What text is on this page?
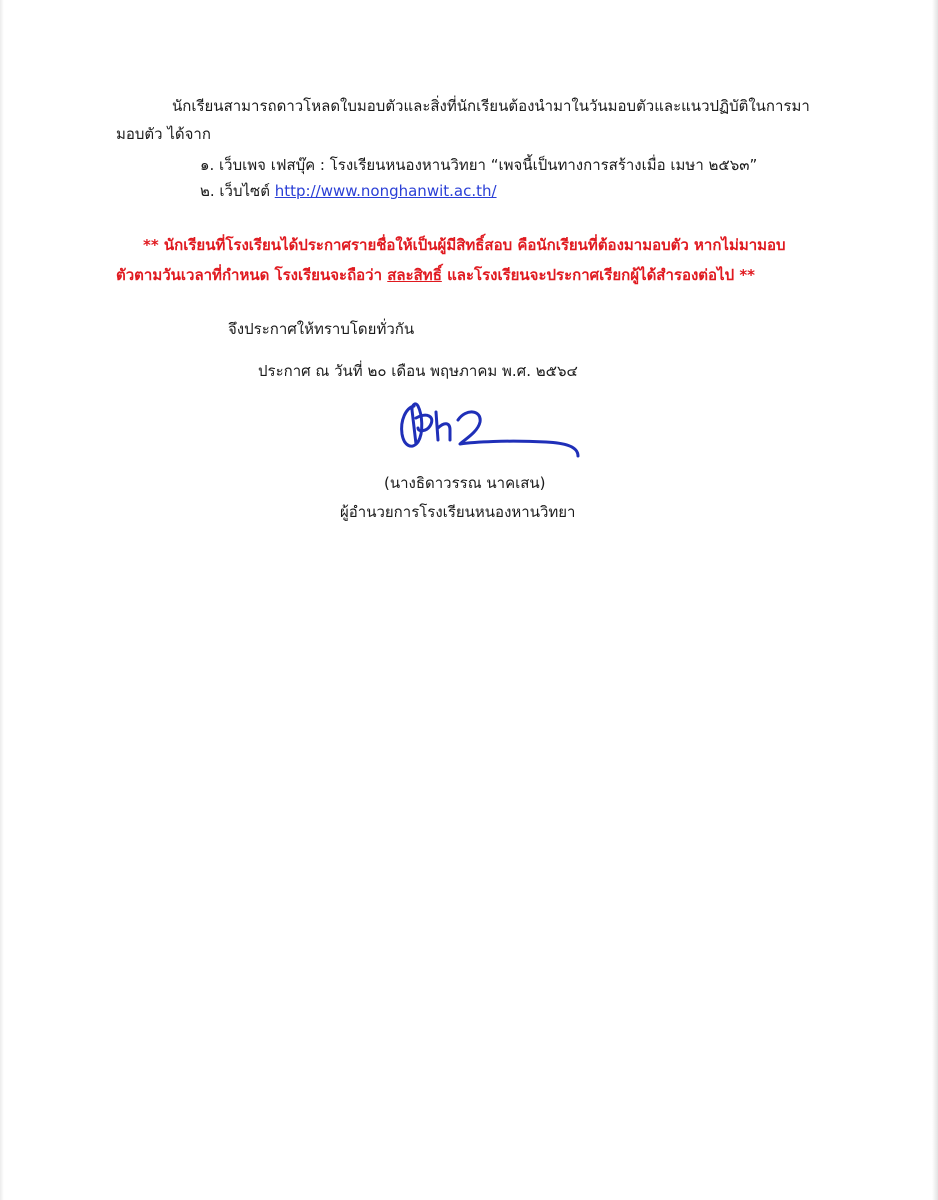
นักเรียนสามารถดาวโหลดใบมอบตัวและสิ่งที่นักเรียนต้องนำมาในวันมอบตัวและแนวปฏิบัติในการมา
มอบตัว ได้จาก
๑. เว็บเพจ เฟสบุ๊ค : โรงเรียนหนองหานวิทยา “เพจนี้เป็นทางการสร้างเมื่อ เมษา ๒๕๖๓”
๒. เว็บไซต์ http://www.nonghanwit.ac.th/
** นักเรียนที่โรงเรียนได้ประกาศรายชื่อให้เป็นผู้มีสิทธิ์สอบ คือนักเรียนที่ต้องมามอบตัว หากไม่มามอบ
ตัวตามวันเวลาที่กำหนด โรงเรียนจะถือว่า สละสิทธิ์ และโรงเรียนจะประกาศเรียกผู้ได้สำรองต่อไป **
จึงประกาศให้ทราบโดยทั่วกัน
ประกาศ ณ วันที่ ๒๐ เดือน พฤษภาคม พ.ศ. ๒๕๖๔
(นางธิดาวรรณ นาคเสน)
ผู้อำนวยการโรงเรียนหนองหานวิทยา
